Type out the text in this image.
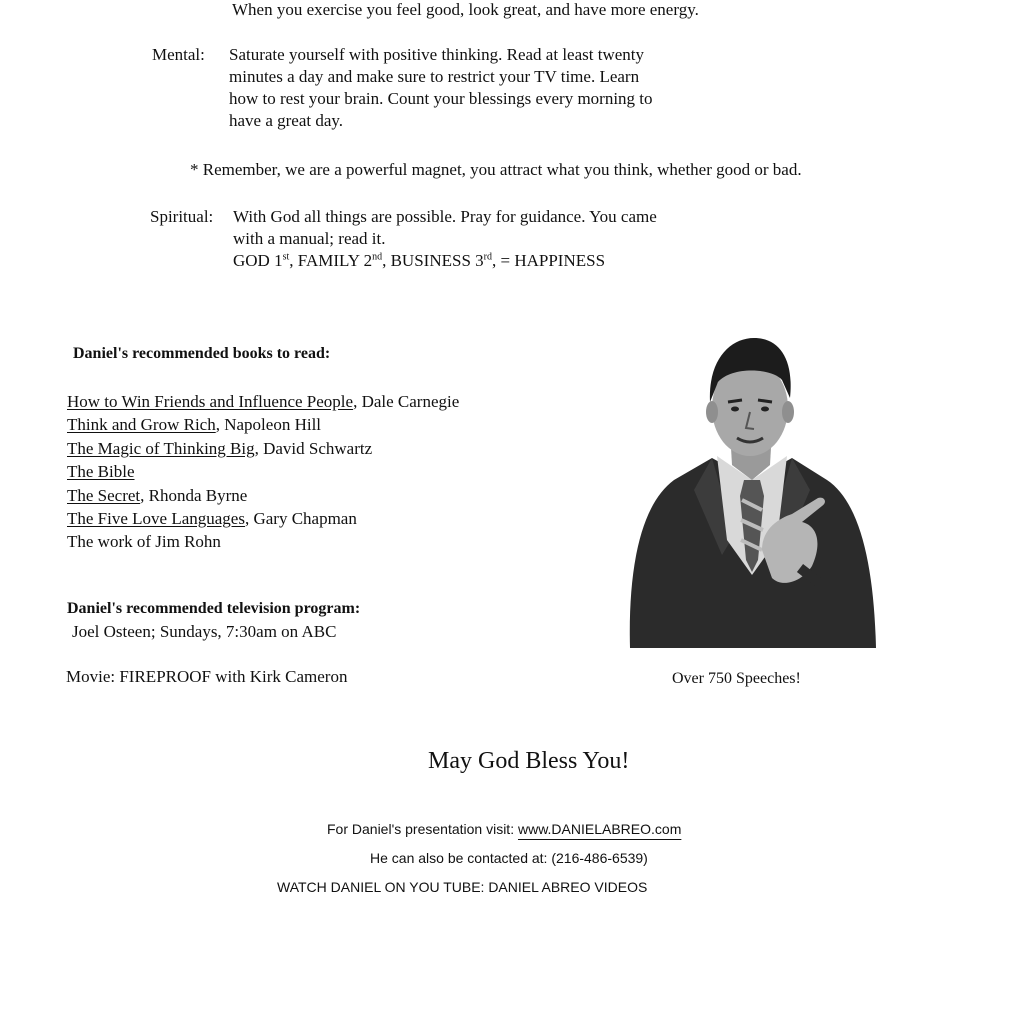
When you exercise you feel good, look great, and have more energy.
Mental: Saturate yourself with positive thinking. Read at least twenty
minutes a day and make sure to restrict your TV time. Learn
how to rest your brain. Count your blessings every morning to
have a great day.
* Remember, we are a powerful magnet, you attract what you think, whether good or bad.
Spiritual: With God all things are possible. Pray for guidance. You came
with a manual; read it.
GOD 1st, FAMILY 2nd, BUSINESS 3rd, = HAPPINESS
Daniel's recommended books to read:
How to Win Friends and Influence People, Dale Carnegie
Think and Grow Rich, Napoleon Hill
The Magic of Thinking Big, David Schwartz
The Bible
The Secret, Rhonda Byrne
The Five Love Languages, Gary Chapman
The work of Jim Rohn
Daniel's recommended television program:
Joel Osteen; Sundays, 7:30am on ABC
Movie: FIREPROOF with Kirk Cameron	Over 750 Speeches!
May God Bless You!
For Daniel's presentation visit: www.DANIELABREO.com
He can also be contacted at: (216-486-6539)
WATCH DANIEL ON YOU TUBE: DANIEL ABREO VIDEOS
